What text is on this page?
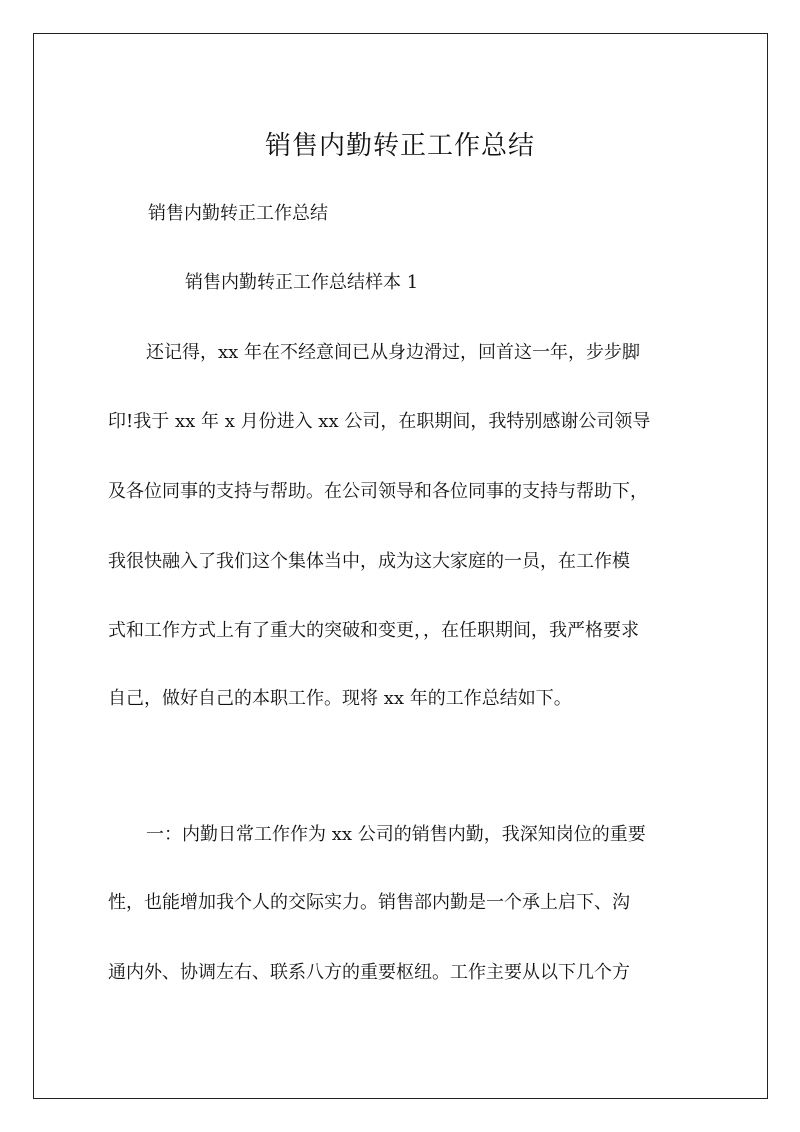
销售内勤转正工作总结
销售内勤转正工作总结
销售内勤转正工作总结样本 1
还记得，xx 年在不经意间已从身边滑过，回首这一年，步步脚
印!我于 xx 年 x 月份进入 xx 公司，在职期间，我特别感谢公司领导
及各位同事的支持与帮助。在公司领导和各位同事的支持与帮助下，
我很快融入了我们这个集体当中，成为这大家庭的一员，在工作模
式和工作方式上有了重大的突破和变更，，在任职期间，我严格要求
自己，做好自己的本职工作。现将 xx 年的工作总结如下。
一：内勤日常工作作为 xx 公司的销售内勤，我深知岗位的重要
性，也能增加我个人的交际实力。销售部内勤是一个承上启下、沟
通内外、协调左右、联系八方的重要枢纽。工作主要从以下几个方
